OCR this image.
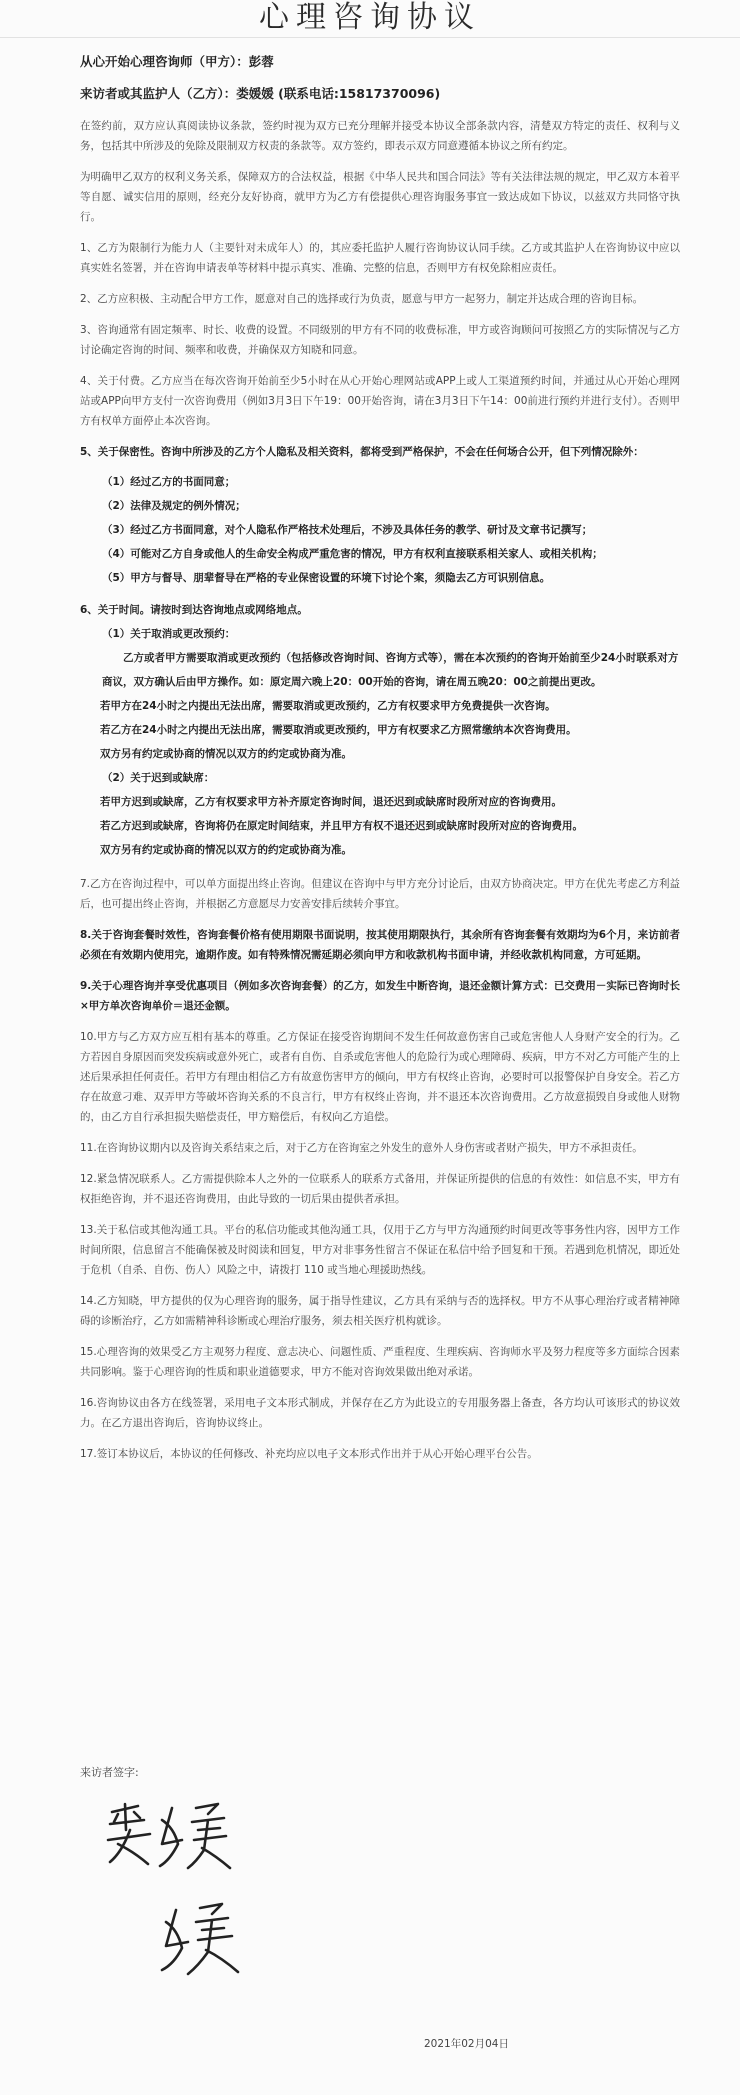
心理咨询协议
从心开始心理咨询师（甲方）：彭蓉
来访者或其监护人（乙方）：娄媛媛 (联系电话:15817370096)

在签约前，双方应认真阅读协议条款，签约时视为双方已充分理解并接受本协议全部条款内容，清楚双方特定的责任、权利与义务，包括其中所涉及的免除及限制双方权责的条款等。双方签约，即表示双方同意遵循本协议之所有约定。

为明确甲乙双方的权利义务关系，保障双方的合法权益，根据《中华人民共和国合同法》等有关法律法规的规定，甲乙双方本着平等自愿、诚实信用的原则，经充分友好协商，就甲方为乙方有偿提供心理咨询服务事宜一致达成如下协议，以兹双方共同恪守执行。

1、乙方为限制行为能力人（主要针对未成年人）的，其应委托监护人履行咨询协议认同手续。乙方或其监护人在咨询协议中应以真实姓名签署，并在咨询申请表单等材料中提示真实、准确、完整的信息，否则甲方有权免除相应责任。

2、乙方应积极、主动配合甲方工作，愿意对自己的选择或行为负责，愿意与甲方一起努力，制定并达成合理的咨询目标。

3、咨询通常有固定频率、时长、收费的设置。不同级别的甲方有不同的收费标准，甲方或咨询顾问可按照乙方的实际情况与乙方讨论确定咨询的时间、频率和收费，并确保双方知晓和同意。

4、关于付费。乙方应当在每次咨询开始前至少5小时在从心开始心理网站或APP上或人工渠道预约时间，并通过从心开始心理网站或APP向甲方支付一次咨询费用（例如3月3日下午19：00开始咨询，请在3月3日下午14：00前进行预约并进行支付）。否则甲方有权单方面停止本次咨询。

5、关于保密性。咨询中所涉及的乙方个人隐私及相关资料，都将受到严格保护，不会在任何场合公开，但下列情况除外：

（1）经过乙方的书面同意；
（2）法律及规定的例外情况；
（3）经过乙方书面同意，对个人隐私作严格技术处理后，不涉及具体任务的教学、研讨及文章书记撰写；
（4）可能对乙方自身或他人的生命安全构成严重危害的情况，甲方有权利直接联系相关家人、或相关机构；
（5）甲方与督导、朋辈督导在严格的专业保密设置的环境下讨论个案，须隐去乙方可识别信息。

6、关于时间。请按时到达咨询地点或网络地点。

（1）关于取消或更改预约：
乙方或者甲方需要取消或更改预约（包括修改咨询时间、咨询方式等），需在本次预约的咨询开始前至少24小时联系对方商议，双方确认后由甲方操作。如：原定周六晚上20：00开始的咨询，请在周五晚20：00之前提出更改。
若甲方在24小时之内提出无法出席，需要取消或更改预约，乙方有权要求甲方免费提供一次咨询。
若乙方在24小时之内提出无法出席，需要取消或更改预约，甲方有权要求乙方照常缴纳本次咨询费用。
双方另有约定或协商的情况以双方的约定或协商为准。
（2）关于迟到或缺席：
若甲方迟到或缺席，乙方有权要求甲方补齐原定咨询时间，退还迟到或缺席时段所对应的咨询费用。
若乙方迟到或缺席，咨询将仍在原定时间结束，并且甲方有权不退还迟到或缺席时段所对应的咨询费用。
双方另有约定或协商的情况以双方的约定或协商为准。

7.乙方在咨询过程中，可以单方面提出终止咨询。但建议在咨询中与甲方充分讨论后，由双方协商决定。甲方在优先考虑乙方利益后，也可提出终止咨询，并根据乙方意愿尽力安善安排后续转介事宜。

8.关于咨询套餐时效性，咨询套餐价格有使用期限书面说明，按其使用期限执行，其余所有咨询套餐有效期均为6个月，来访前者必须在有效期内使用完，逾期作废。如有特殊情况需延期必须向甲方和收款机构书面申请，并经收款机构同意，方可延期。

9.关于心理咨询并享受优惠项目（例如多次咨询套餐）的乙方，如发生中断咨询，退还金额计算方式：已交费用－实际已咨询时长×甲方单次咨询单价＝退还金额。

10.甲方与乙方双方应互相有基本的尊重。乙方保证在接受咨询期间不发生任何故意伤害自己或危害他人人身财产安全的行为。乙方若因自身原因而突发疾病或意外死亡，或者有自伤、自杀或危害他人的危险行为或心理障碍、疾病，甲方不对乙方可能产生的上述后果承担任何责任。若甲方有理由相信乙方有故意伤害甲方的倾向，甲方有权终止咨询，必要时可以报警保护自身安全。若乙方存在故意刁难、双弄甲方等破坏咨询关系的不良言行，甲方有权终止咨询，并不退还本次咨询费用。乙方故意损毁自身或他人财物的，由乙方自行承担损失赔偿责任，甲方赔偿后，有权向乙方追偿。

11.在咨询协议期内以及咨询关系结束之后，对于乙方在咨询室之外发生的意外人身伤害或者财产损失，甲方不承担责任。

12.紧急情况联系人。乙方需提供除本人之外的一位联系人的联系方式备用，并保证所提供的信息的有效性：如信息不实，甲方有权拒绝咨询，并不退还咨询费用，由此导致的一切后果由提供者承担。

13.关于私信或其他沟通工具。平台的私信功能或其他沟通工具，仅用于乙方与甲方沟通预约时间更改等事务性内容，因甲方工作时间所限，信息留言不能确保被及时阅读和回复，甲方对非事务性留言不保证在私信中给予回复和干预。若遇到危机情况，即近处于危机（自杀、自伤、伤人）风险之中，请拨打 110 或当地心理援助热线。

14.乙方知晓，甲方提供的仅为心理咨询的服务，属于指导性建议，乙方具有采纳与否的选择权。甲方不从事心理治疗或者精神障碍的诊断治疗，乙方如需精神科诊断或心理治疗服务，须去相关医疗机构就诊。

15.心理咨询的效果受乙方主观努力程度、意志决心、问题性质、严重程度、生理疾病、咨询师水平及努力程度等多方面综合因素共同影响。鉴于心理咨询的性质和职业道德要求，甲方不能对咨询效果做出绝对承诺。

16.咨询协议由各方在线签署，采用电子文本形式制成，并保存在乙方为此设立的专用服务器上备查，各方均认可该形式的协议效力。在乙方退出咨询后，咨询协议终止。

17.签订本协议后，本协议的任何修改、补充均应以电子文本形式作出并于从心开始心理平台公告。

来访者签字:
2021年02月04日
